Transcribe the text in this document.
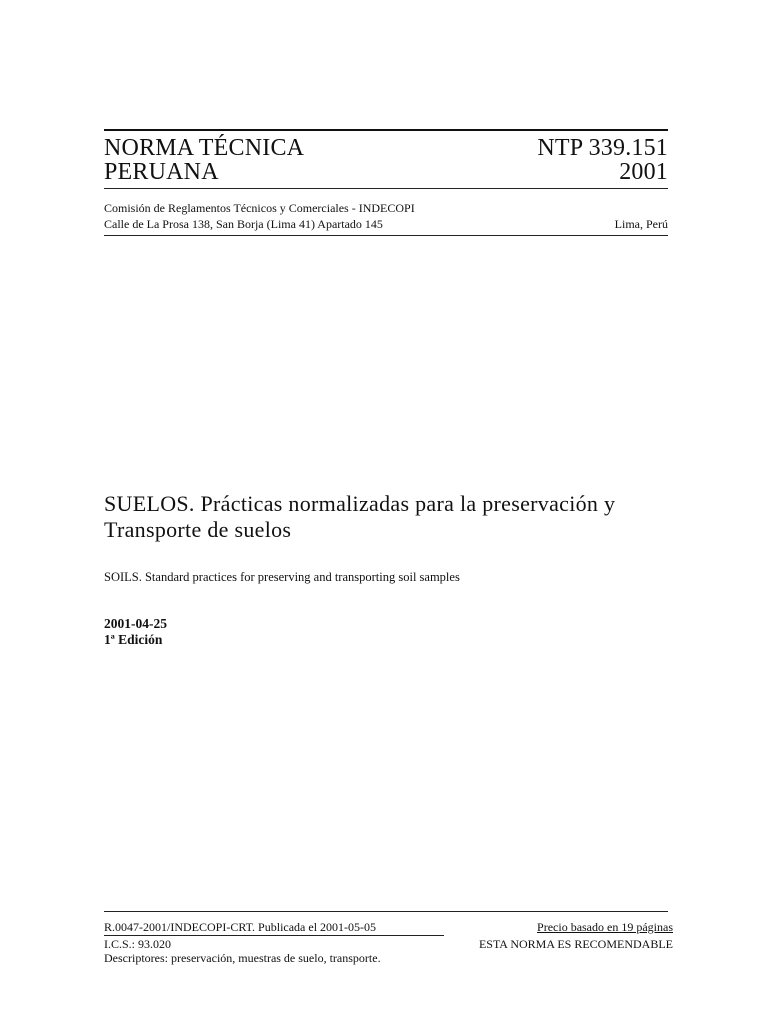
NORMA TÉCNICA
PERUANA
NTP 339.151
2001
Comisión de Reglamentos Técnicos y Comerciales - INDECOPI
Calle de La Prosa 138, San Borja (Lima 41) Apartado 145	Lima, Perú
SUELOS. Prácticas normalizadas para la preservación y Transporte de suelos
SOILS. Standard practices for preserving and transporting soil samples
2001-04-25
1ª Edición
R.0047-2001/INDECOPI-CRT. Publicada el 2001-05-05	Precio basado en 19 páginas
I.C.S.: 93.020	ESTA NORMA ES RECOMENDABLE
Descriptores: preservación, muestras de suelo, transporte.
